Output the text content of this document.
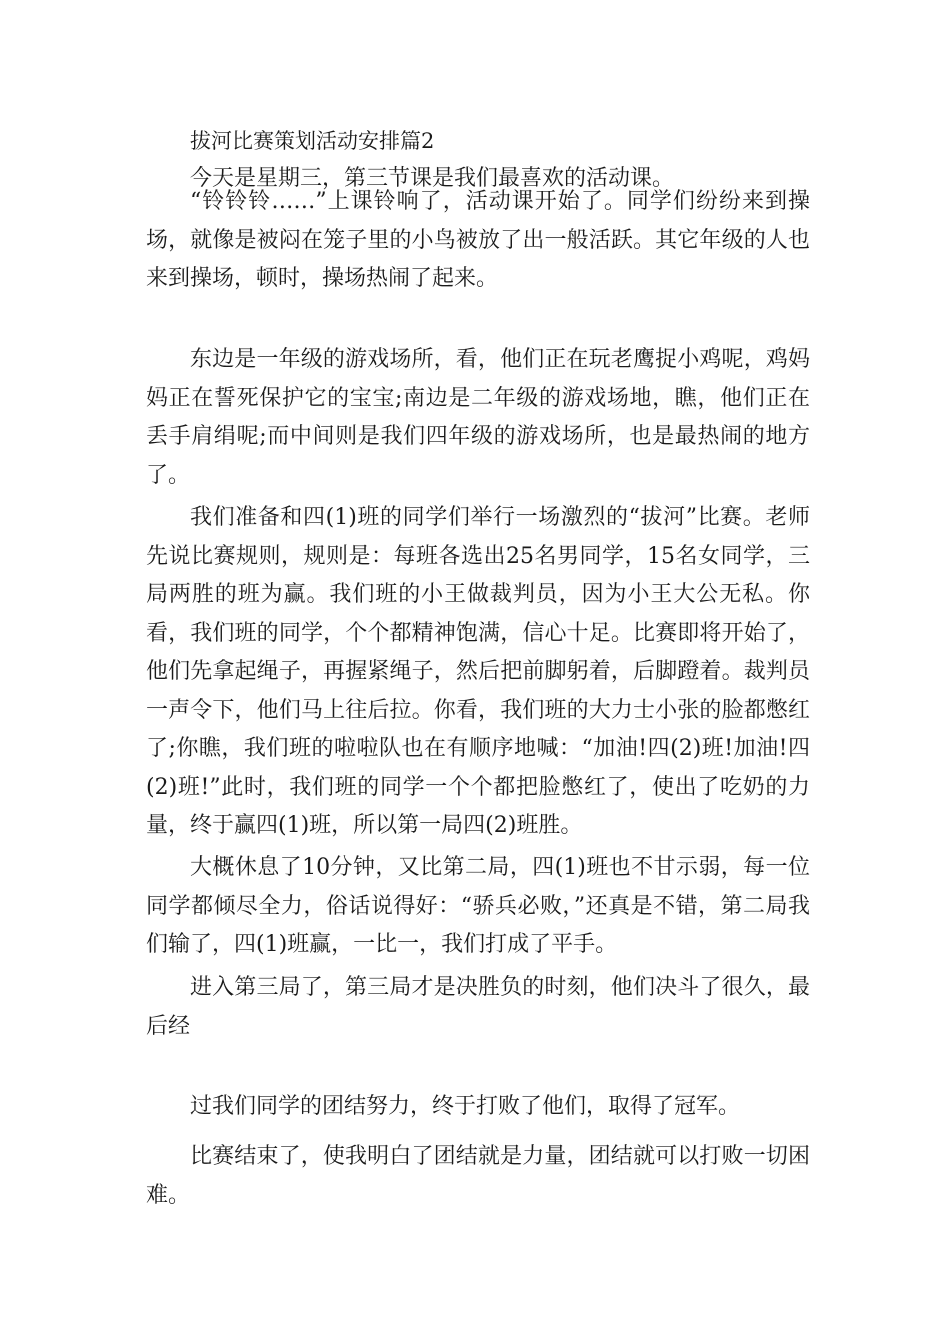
拔河比赛策划活动安排篇2

今天是星期三，第三节课是我们最喜欢的活动课。

“铃铃铃……”上课铃响了，活动课开始了。同学们纷纷来到操场，就像是被闷在笼子里的小鸟被放了出一般活跃。其它年级的人也来到操场，顿时，操场热闹了起来。

东边是一年级的游戏场所，看，他们正在玩老鹰捉小鸡呢，鸡妈妈正在誓死保护它的宝宝;南边是二年级的游戏场地，瞧，他们正在丢手肩绢呢;而中间则是我们四年级的游戏场所，也是最热闹的地方了。

我们准备和四(1)班的同学们举行一场激烈的“拔河”比赛。老师先说比赛规则，规则是：每班各选出25名男同学，15名女同学，三局两胜的班为赢。我们班的小王做裁判员，因为小王大公无私。你看，我们班的同学，个个都精神饱满，信心十足。比赛即将开始了，他们先拿起绳子，再握紧绳子，然后把前脚躬着，后脚蹬着。裁判员一声令下，他们马上往后拉。你看，我们班的大力士小张的脸都憋红了;你瞧，我们班的啦啦队也在有顺序地喊：“加油!四(2)班!加油!四(2)班!”此时，我们班的同学一个个都把脸憋红了，使出了吃奶的力量，终于赢四(1)班，所以第一局四(2)班胜。

大概休息了10分钟，又比第二局，四(1)班也不甘示弱，每一位同学都倾尽全力，俗话说得好：“骄兵必败，”还真是不错，第二局我们输了，四(1)班赢，一比一，我们打成了平手。

进入第三局了，第三局才是决胜负的时刻，他们决斗了很久，最后经

过我们同学的团结努力，终于打败了他们，取得了冠军。

比赛结束了，使我明白了团结就是力量，团结就可以打败一切困难。
